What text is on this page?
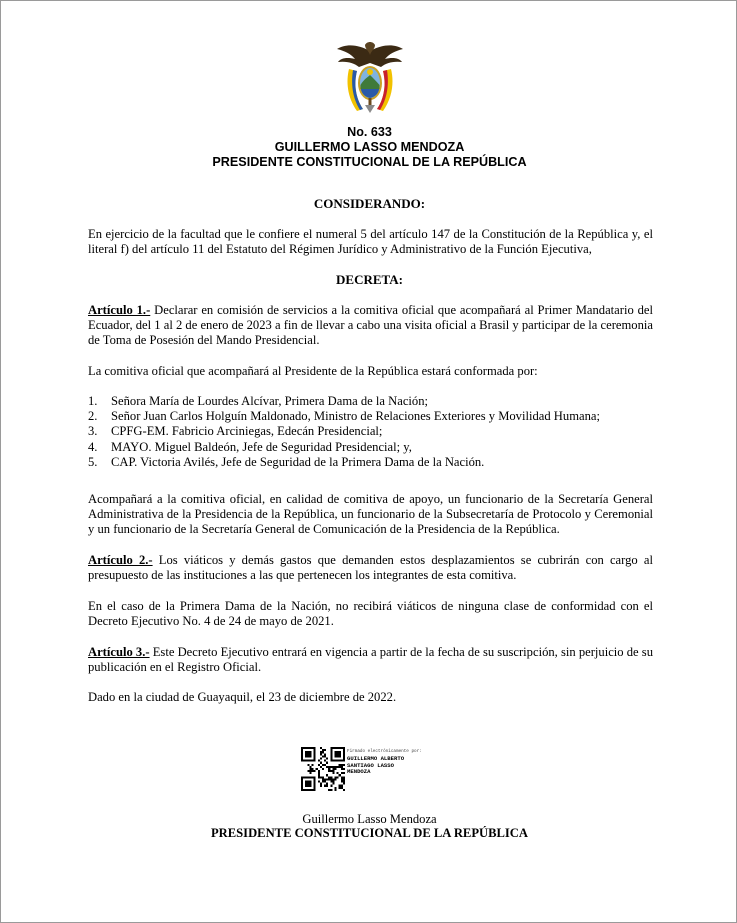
No. 633
GUILLERMO LASSO MENDOZA
PRESIDENTE CONSTITUCIONAL DE LA REPÚBLICA
CONSIDERANDO:
En ejercicio de la facultad que le confiere el numeral 5 del artículo 147 de la Constitución de la República y, el literal f) del artículo 11 del Estatuto del Régimen Jurídico y Administrativo de la Función Ejecutiva,
DECRETA:
Artículo 1.- Declarar en comisión de servicios a la comitiva oficial que acompañará al Primer Mandatario del Ecuador, del 1 al 2 de enero de 2023 a fin de llevar a cabo una visita oficial a Brasil y participar de la ceremonia de Toma de Posesión del Mando Presidencial.
La comitiva oficial que acompañará al Presidente de la República estará conformada por:
1.	Señora María de Lourdes Alcívar, Primera Dama de la Nación;
2.	Señor Juan Carlos Holguín Maldonado, Ministro de Relaciones Exteriores y Movilidad Humana;
3.	CPFG-EM. Fabricio Arciniegas, Edecán Presidencial;
4.	MAYO. Miguel Baldeón, Jefe de Seguridad Presidencial; y,
5.	CAP. Victoria Avilés, Jefe de Seguridad de la Primera Dama de la Nación.
Acompañará a la comitiva oficial, en calidad de comitiva de apoyo, un funcionario de la Secretaría General Administrativa de la Presidencia de la República, un funcionario de la Subsecretaría de Protocolo y Ceremonial y un funcionario de la Secretaría General de Comunicación de la Presidencia de la República.
Artículo 2.- Los viáticos y demás gastos que demanden estos desplazamientos se cubrirán con cargo al presupuesto de las instituciones a las que pertenecen los integrantes de esta comitiva.
En el caso de la Primera Dama de la Nación, no recibirá viáticos de ninguna clase de conformidad con el Decreto Ejecutivo No. 4 de 24 de mayo de 2021.
Artículo 3.- Este Decreto Ejecutivo entrará en vigencia a partir de la fecha de su suscripción, sin perjuicio de su publicación en el Registro Oficial.
Dado en la ciudad de Guayaquil, el 23 de diciembre de 2022.
Firmado electrónicamente por:
GUILLERMO ALBERTO
SANTIAGO LASSO
MENDOZA
Guillermo Lasso Mendoza
PRESIDENTE CONSTITUCIONAL DE LA REPÚBLICA
